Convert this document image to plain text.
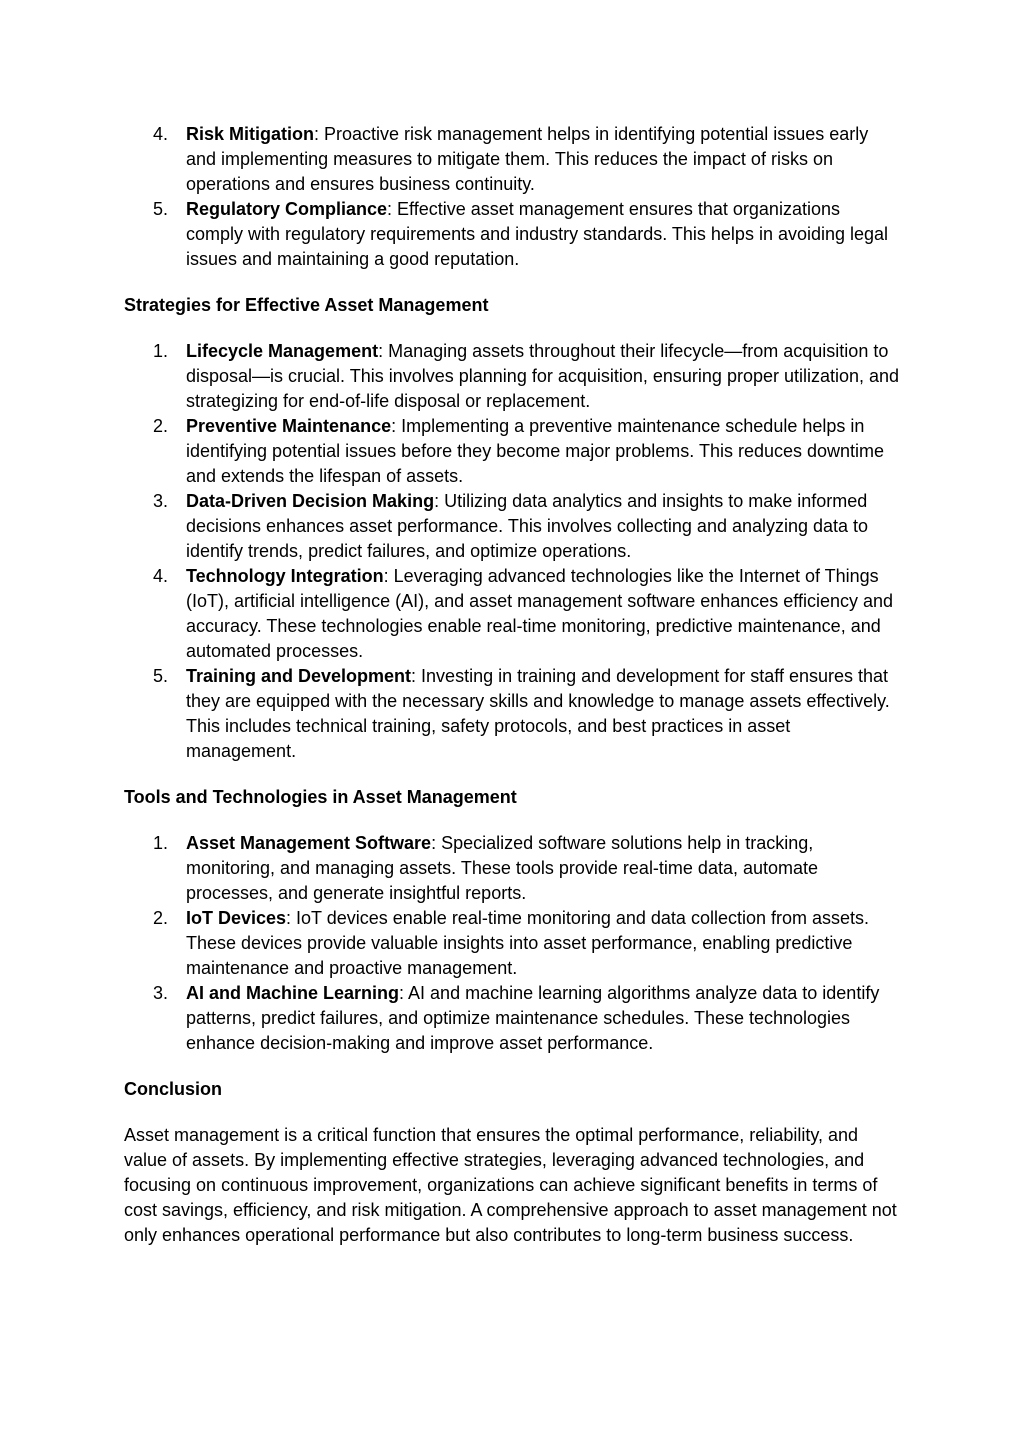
4. Risk Mitigation: Proactive risk management helps in identifying potential issues early and implementing measures to mitigate them. This reduces the impact of risks on operations and ensures business continuity.
5. Regulatory Compliance: Effective asset management ensures that organizations comply with regulatory requirements and industry standards. This helps in avoiding legal issues and maintaining a good reputation.

Strategies for Effective Asset Management

1. Lifecycle Management: Managing assets throughout their lifecycle—from acquisition to disposal—is crucial. This involves planning for acquisition, ensuring proper utilization, and strategizing for end-of-life disposal or replacement.
2. Preventive Maintenance: Implementing a preventive maintenance schedule helps in identifying potential issues before they become major problems. This reduces downtime and extends the lifespan of assets.
3. Data-Driven Decision Making: Utilizing data analytics and insights to make informed decisions enhances asset performance. This involves collecting and analyzing data to identify trends, predict failures, and optimize operations.
4. Technology Integration: Leveraging advanced technologies like the Internet of Things (IoT), artificial intelligence (AI), and asset management software enhances efficiency and accuracy. These technologies enable real-time monitoring, predictive maintenance, and automated processes.
5. Training and Development: Investing in training and development for staff ensures that they are equipped with the necessary skills and knowledge to manage assets effectively. This includes technical training, safety protocols, and best practices in asset management.

Tools and Technologies in Asset Management

1. Asset Management Software: Specialized software solutions help in tracking, monitoring, and managing assets. These tools provide real-time data, automate processes, and generate insightful reports.
2. IoT Devices: IoT devices enable real-time monitoring and data collection from assets. These devices provide valuable insights into asset performance, enabling predictive maintenance and proactive management.
3. AI and Machine Learning: AI and machine learning algorithms analyze data to identify patterns, predict failures, and optimize maintenance schedules. These technologies enhance decision-making and improve asset performance.

Conclusion

Asset management is a critical function that ensures the optimal performance, reliability, and value of assets. By implementing effective strategies, leveraging advanced technologies, and focusing on continuous improvement, organizations can achieve significant benefits in terms of cost savings, efficiency, and risk mitigation. A comprehensive approach to asset management not only enhances operational performance but also contributes to long-term business success.
